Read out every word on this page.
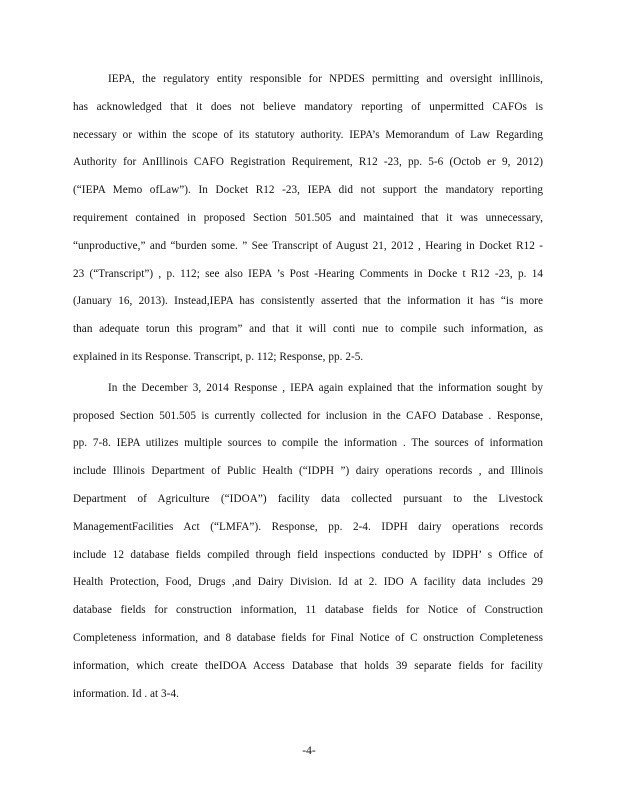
IEPA, the regulatory entity responsible for NPDES permitting and oversight inIllinois,
has acknowledged that it does not believe mandatory reporting of unpermitted CAFOs is
necessary or within the scope of its statutory authority. IEPA’s Memorandum of Law Regarding
Authority for AnIllinois CAFO Registration Requirement, R12 -23, pp. 5-6 (Octob er 9, 2012)
(“IEPA Memo ofLaw”). In Docket R12 -23, IEPA did not support the mandatory reporting
requirement contained in proposed Section 501.505 and maintained that it was unnecessary,
“unproductive,” and “burden some. ” See Transcript of August 21, 2012 , Hearing in Docket R12 -
23 (“Transcript”) , p. 112; see also IEPA ’s Post -Hearing Comments in Docke t R12 -23, p. 14
(January 16, 2013). Instead,IEPA has consistently asserted that the information it has “is more
than adequate torun this program” and that it will conti nue to compile such information, as
explained in its Response. Transcript, p. 112; Response, pp. 2-5.
In the December 3, 2014 Response , IEPA again explained that the information sought by
proposed Section 501.505 is currently collected for inclusion in the CAFO Database . Response,
pp. 7-8. IEPA utilizes multiple sources to compile the information . The sources of information
include Illinois Department of Public Health (“IDPH ”) dairy operations records , and Illinois
Department of Agriculture (“IDOA”) facility data collected pursuant to the Livestock
ManagementFacilities Act (“LMFA”). Response, pp. 2-4. IDPH dairy operations records
include 12 database fields compiled through field inspections conducted by IDPH’ s Office of
Health Protection, Food, Drugs ,and Dairy Division. Id at 2. IDO A facility data includes 29
database fields for construction information, 11 database fields for Notice of Construction
Completeness information, and 8 database fields for Final Notice of C onstruction Completeness
information, which create theIDOA Access Database that holds 39 separate fields for facility
information. Id . at 3-4.
-4-
